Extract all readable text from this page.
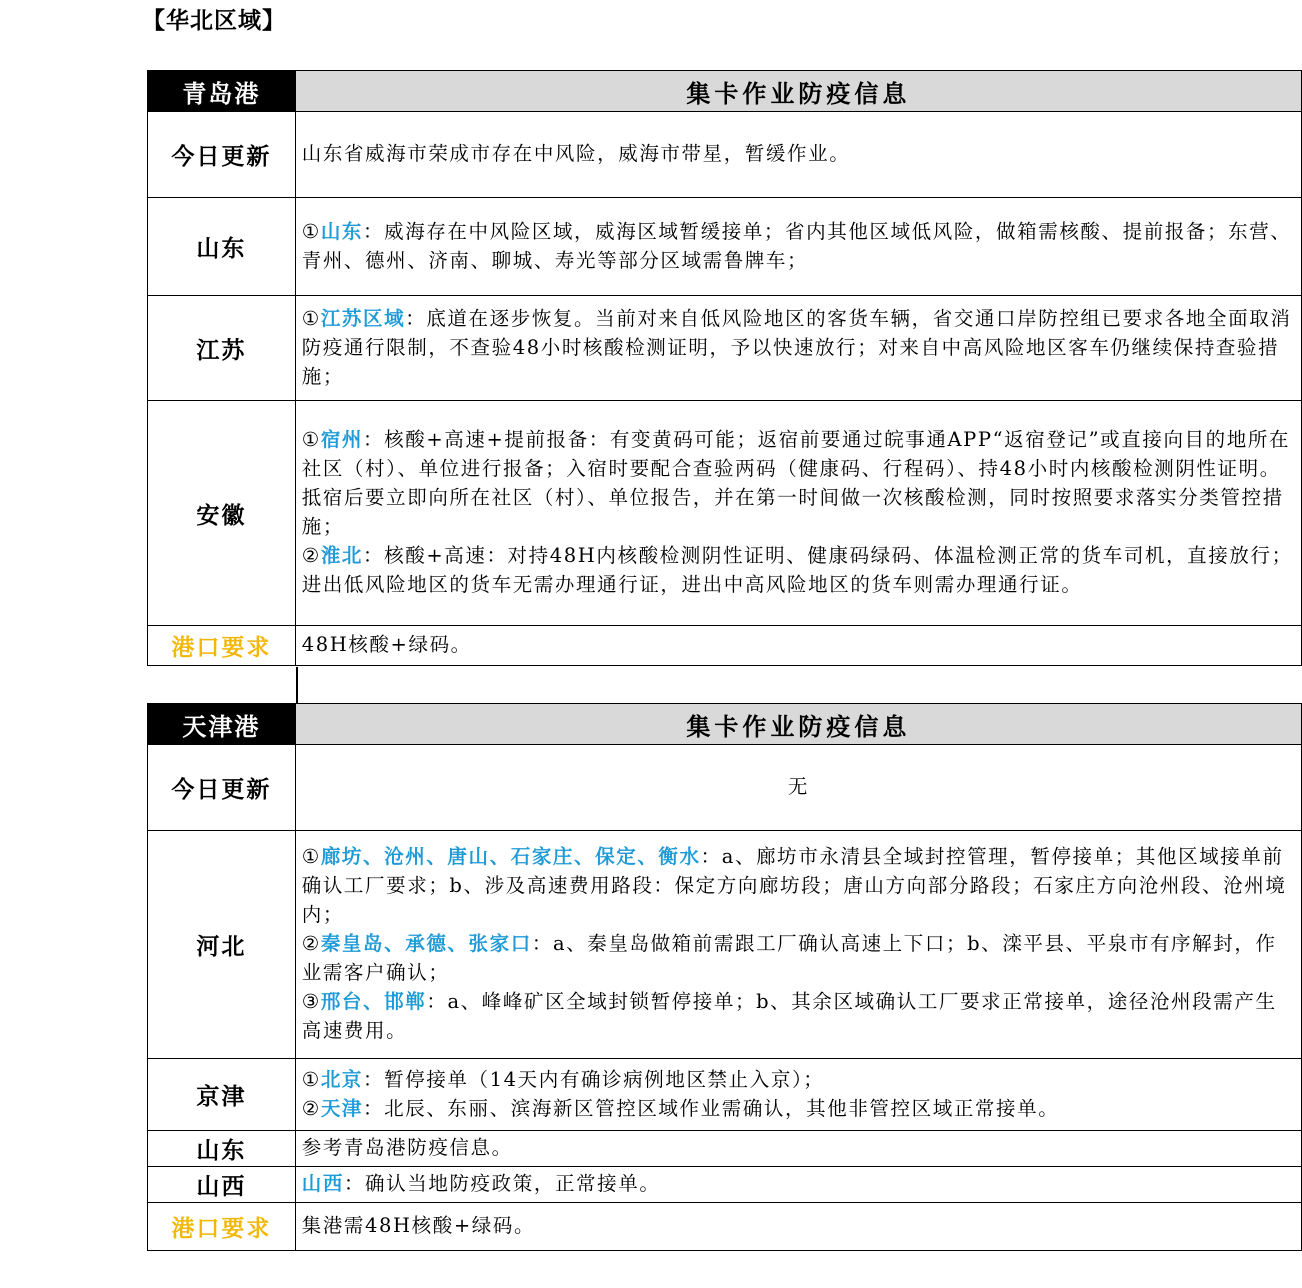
【华北区域】
青岛港	集卡作业防疫信息
今日更新	山东省威海市荣成市存在中风险，威海市带星，暂缓作业。
山东	①山东：威海存在中风险区域，威海区域暂缓接单；省内其他区域低风险，做箱需核酸、提前报备；东营、青州、德州、济南、聊城、寿光等部分区域需鲁牌车；
江苏	①江苏区域：底道在逐步恢复。当前对来自低风险地区的客货车辆，省交通口岸防控组已要求各地全面取消防疫通行限制，不查验48小时核酸检测证明，予以快速放行；对来自中高风险地区客车仍继续保持查验措施；
安徽	①宿州：核酸+高速+提前报备：有变黄码可能；返宿前要通过皖事通APP“返宿登记”或直接向目的地所在社区（村）、单位进行报备；入宿时要配合查验两码（健康码、行程码）、持48小时内核酸检测阴性证明。抵宿后要立即向所在社区（村）、单位报告，并在第一时间做一次核酸检测，同时按照要求落实分类管控措施；
②淮北：核酸+高速：对持48H内核酸检测阴性证明、健康码绿码、体温检测正常的货车司机，直接放行；进出低风险地区的货车无需办理通行证，进出中高风险地区的货车则需办理通行证。
港口要求	48H核酸+绿码。
天津港	集卡作业防疫信息
今日更新	无
河北	①廊坊、沧州、唐山、石家庄、保定、衡水：a、廊坊市永清县全域封控管理，暂停接单；其他区域接单前确认工厂要求；b、涉及高速费用路段：保定方向廊坊段；唐山方向部分路段；石家庄方向沧州段、沧州境内；
②秦皇岛、承德、张家口：a、秦皇岛做箱前需跟工厂确认高速上下口；b、滦平县、平泉市有序解封，作业需客户确认；
③邢台、邯郸：a、峰峰矿区全域封锁暂停接单；b、其余区域确认工厂要求正常接单，途径沧州段需产生高速费用。
京津	①北京：暂停接单（14天内有确诊病例地区禁止入京）；
②天津：北辰、东丽、滨海新区管控区域作业需确认，其他非管控区域正常接单。
山东	参考青岛港防疫信息。
山西	山西：确认当地防疫政策，正常接单。
港口要求	集港需48H核酸+绿码。
